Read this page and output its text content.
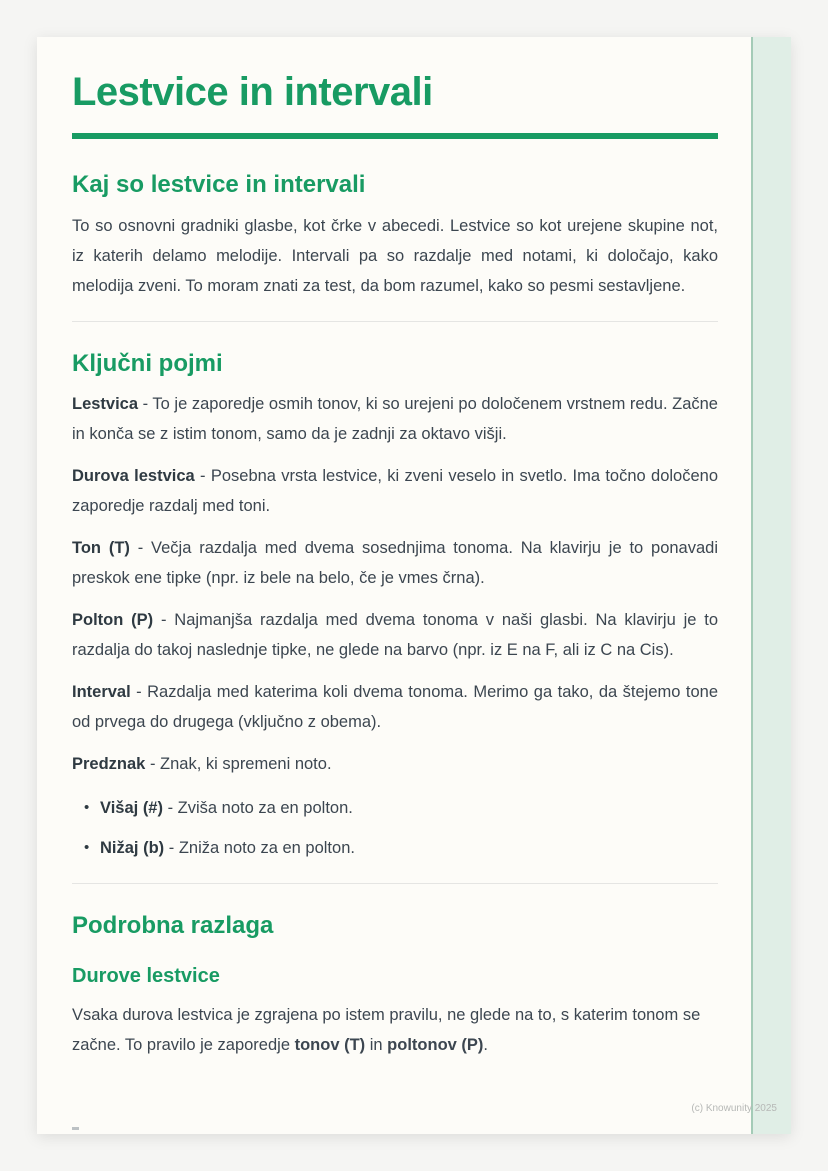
Lestvice in intervali
Kaj so lestvice in intervali

To so osnovni gradniki glasbe, kot črke v abecedi. Lestvice so kot urejene skupine not, iz katerih delamo melodije. Intervali pa so razdalje med notami, ki določajo, kako melodija zveni. To moram znati za test, da bom razumel, kako so pesmi sestavljene.

Ključni pojmi

Lestvica - To je zaporedje osmih tonov, ki so urejeni po določenem vrstnem redu. Začne in konča se z istim tonom, samo da je zadnji za oktavo višji.

Durova lestvica - Posebna vrsta lestvice, ki zveni veselo in svetlo. Ima točno določeno zaporedje razdalj med toni.

Ton (T) - Večja razdalja med dvema sosednjima tonoma. Na klavirju je to ponavadi preskok ene tipke (npr. iz bele na belo, če je vmes črna).

Polton (P) - Najmanjša razdalja med dvema tonoma v naši glasbi. Na klavirju je to razdalja do takoj naslednje tipke, ne glede na barvo (npr. iz E na F, ali iz C na Cis).

Interval - Razdalja med katerima koli dvema tonoma. Merimo ga tako, da štejemo tone od prvega do drugega (vključno z obema).

Predznak - Znak, ki spremeni noto.

• Višaj (#) - Zviša noto za en polton.
• Nižaj (b) - Zniža noto za en polton.
Podrobna razlaga
Durove lestvice

Vsaka durova lestvica je zgrajena po istem pravilu, ne glede na to, s katerim tonom se začne. To pravilo je zaporedje tonov (T) in poltonov (P).

(c) Knowunity 2025
